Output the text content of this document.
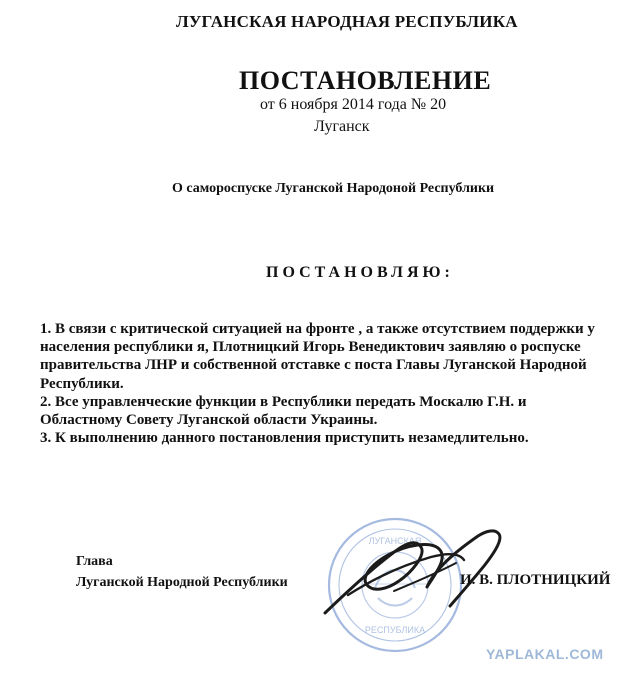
ЛУГАНСКАЯ НАРОДНАЯ РЕСПУБЛИКА
ПОСТАНОВЛЕНИЕ
от 6 ноября 2014 года № 20
Луганск
О самороспуске Луганской Народоной Республики
ПОСТАНОВЛЯЮ:

1. В связи с критической ситуацией на фронте , а также отсутствием поддержки у населения республики я, Плотницкий Игорь Венедиктович заявляю о роспуске правительства ЛНР и собственной отставке с поста Главы Луганской Народной Республики.

2. Все управленческие функции в Республики передать Москалю Г.Н. и Областному Совету Луганской области Украины.

3. К выполнению данного постановления приступить незамедлительно.

Глава
Луганской Народной Республики
ЛУГАНСКАЯ
РЕСПУБЛИКА
И. В. ПЛОТНИЦКИЙ
YAPLAKAL.COM
